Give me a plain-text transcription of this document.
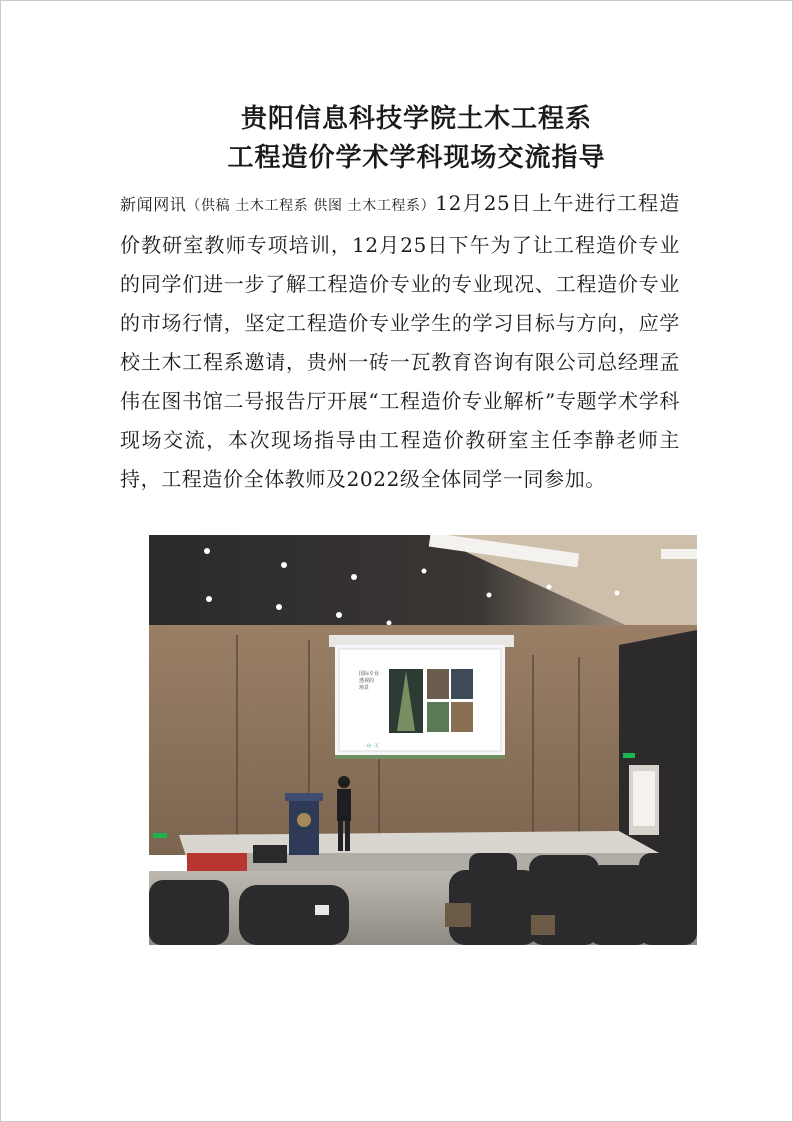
贵阳信息科技学院土木工程系
工程造价学术学科现场交流指导
新闻网讯（供稿 土木工程系 供图 土木工程系）12月25日上午进行工程造价教研室教师专项培训，12月25日下午为了让工程造价专业的同学们进一步了解工程造价专业的专业现况、工程造价专业的市场行情，坚定工程造价专业学生的学习目标与方向，应学校土木工程系邀请，贵州一砖一瓦教育咨询有限公司总经理孟伟在图书馆二号报告厅开展“工程造价专业解析”专题学术学科现场交流，本次现场指导由工程造价教研室主任李静老师主持，工程造价全体教师及2022级全体同学一同参加。
国际专业
透视的
场景
一砖一瓦
